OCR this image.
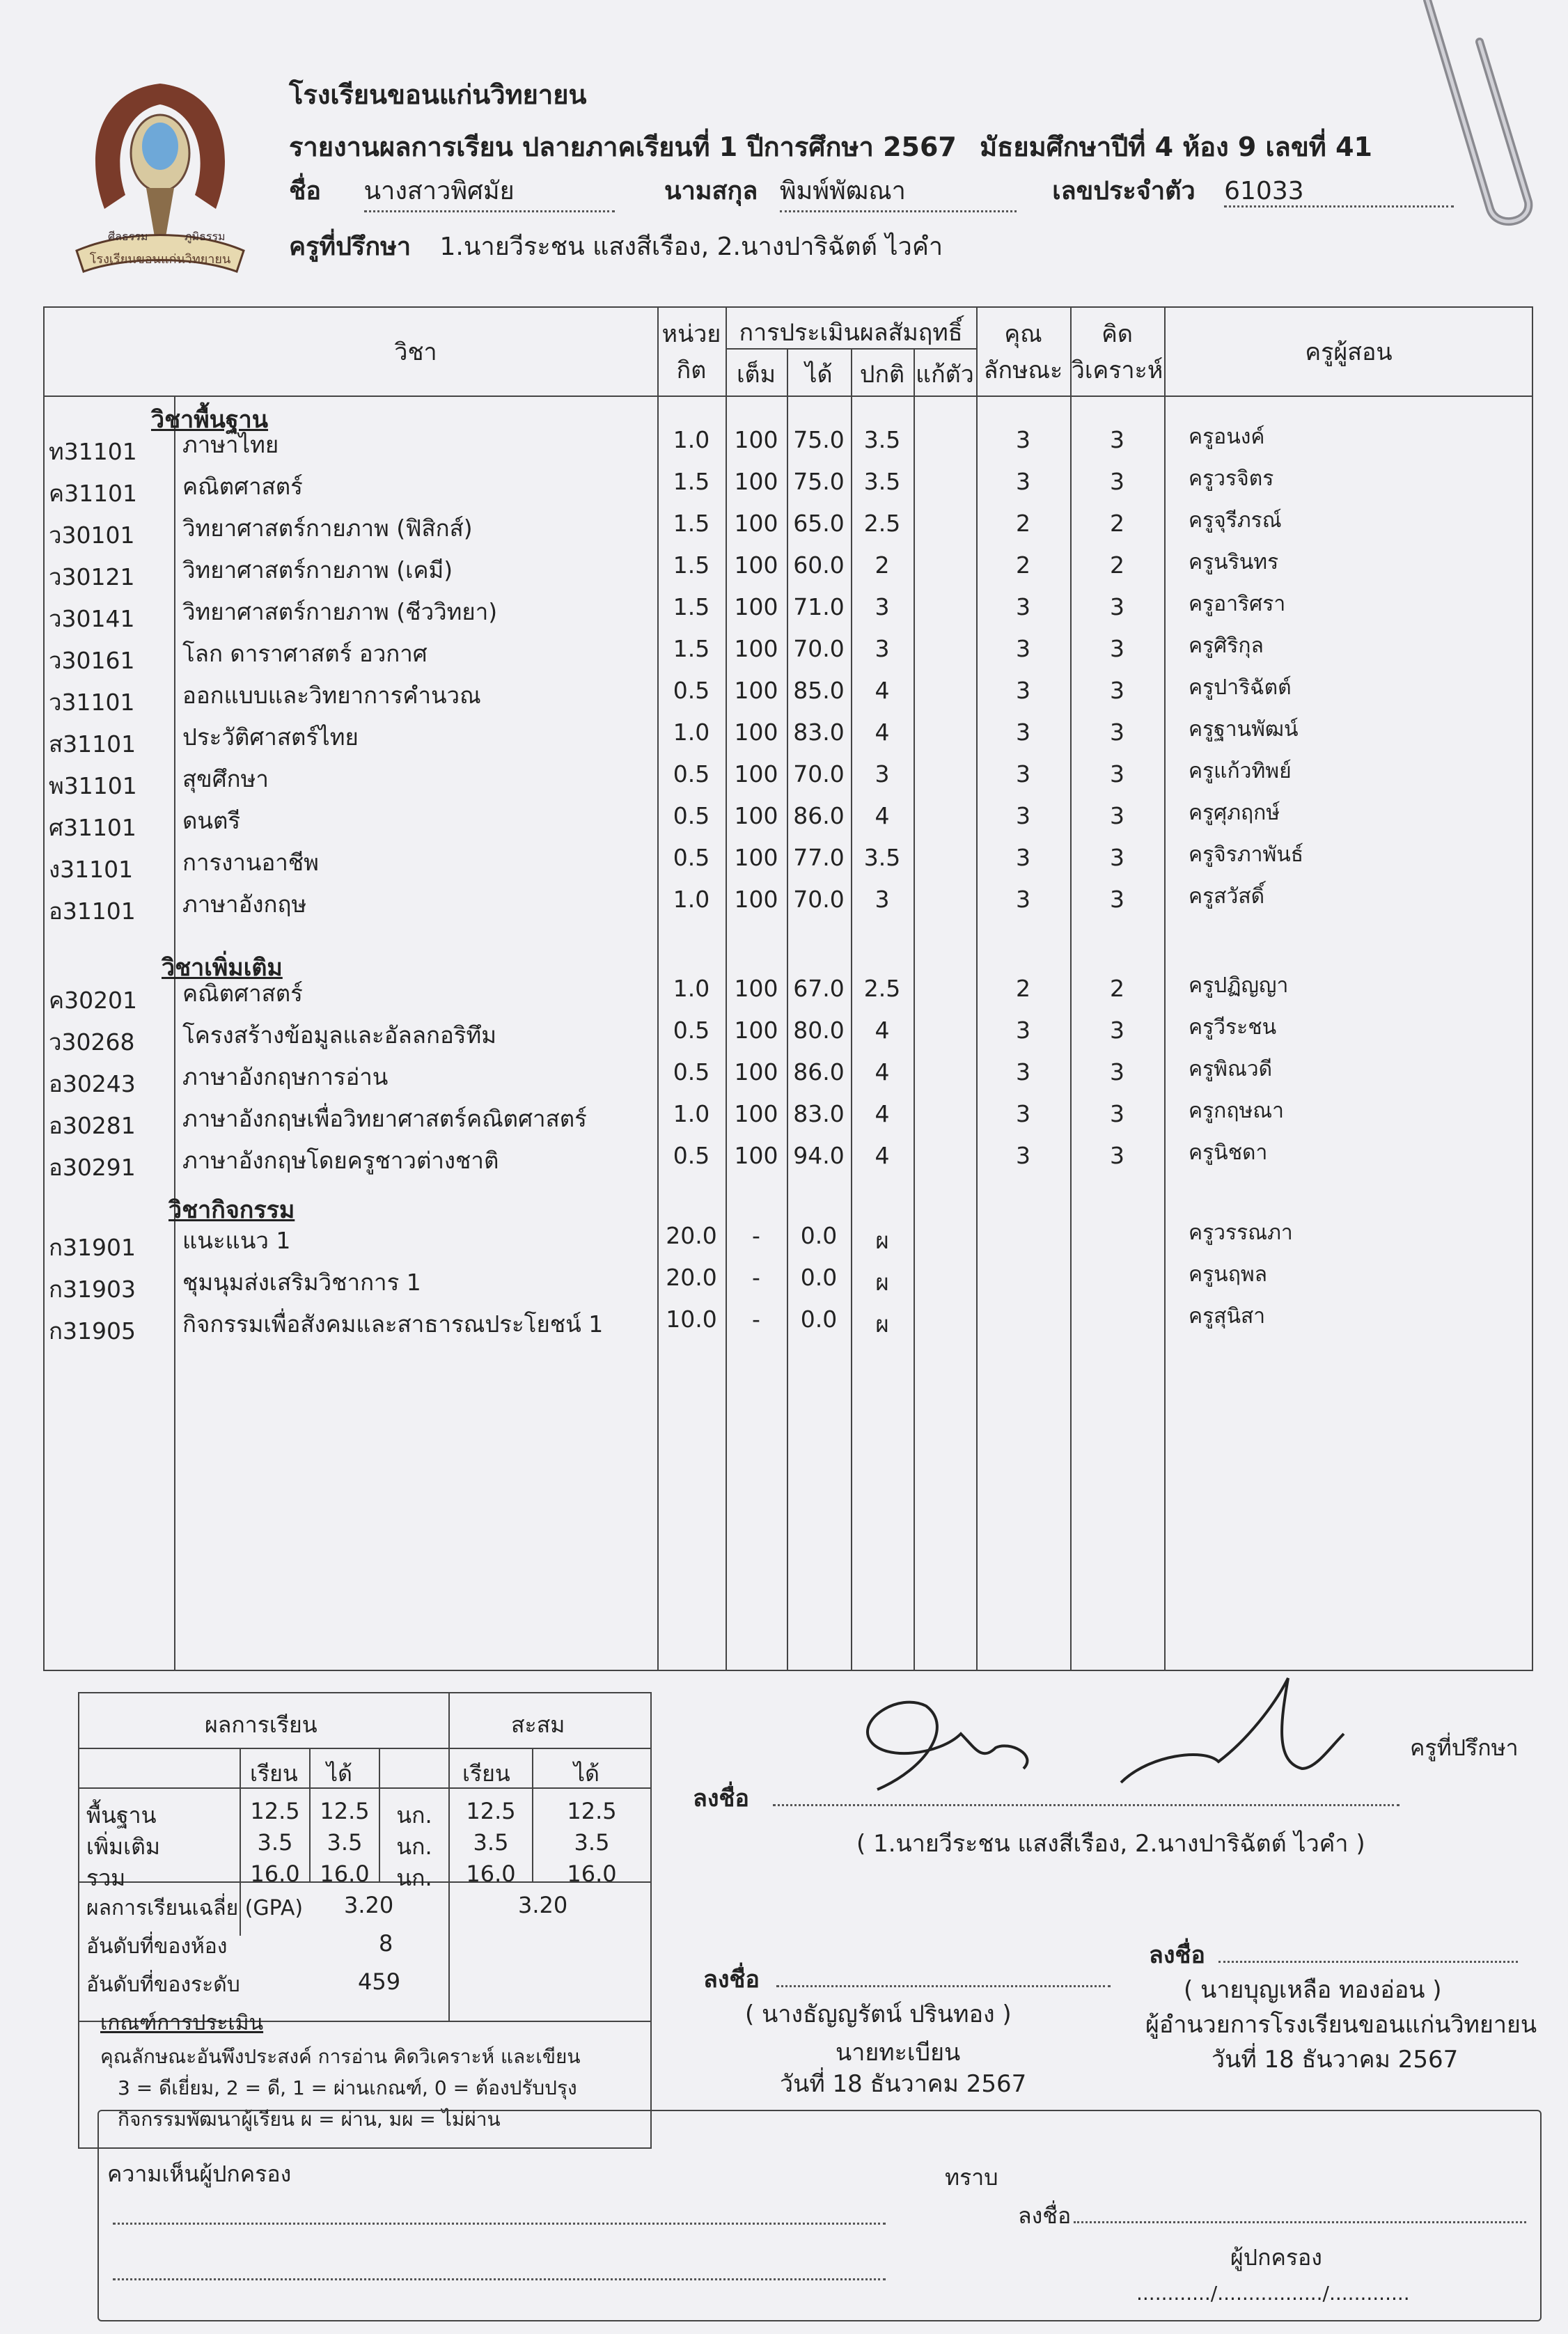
โรงเรียนขอนแก่นวิทยายน
ศีลธรรม	ภูมิธรรม
โรงเรียนขอนแก่นวิทยายน
รายงานผลการเรียน ปลายภาคเรียนที่ 1 ปีการศึกษา 2567 มัธยมศึกษาปีที่ 4 ห้อง 9 เลขที่ 41
ชื่อ นางสาวพิศมัย	นามสกุล พิมพ์พัฒณา	เลขประจำตัว 61033
ครูที่ปรึกษา 1.นายวีระชน แสงสีเรือง, 2.นางปาริฉัตต์ ไวคำ
วิชา
หน่วย
กิต
การประเมินผลสัมฤทธิ์
เต็ม	ได้	ปกติ แก้ตัว
คุณ
ลักษณะ
คิด
วิเคราะห์
ครูผู้สอน
วิชาพื้นฐาน
วิชาเพิ่มเติม
วิชากิจกรรม
ท31101 ภาษาไทย	1.0	100 75.0 3.5	3	3	ครูอนงค์
ค31101 คณิตศาสตร์	1.5	100 75.0 3.5	3	3	ครูวรจิตร
ว30101 วิทยาศาสตร์กายภาพ (ฟิสิกส์)	1.5	100 65.0 2.5	2	2	ครูจุรีภรณ์
ว30121 วิทยาศาสตร์กายภาพ (เคมี)	1.5	100 60.0	2	2	2	ครูนรินทร
ว30141 วิทยาศาสตร์กายภาพ (ชีววิทยา)	1.5	100 71.0	3	3	3	ครูอาริศรา
ว30161 โลก ดาราศาสตร์ อวกาศ	1.5	100 70.0	3	3	3	ครูศิริกุล
ว31101 ออกแบบและวิทยาการคำนวณ	0.5	100 85.0	4	3	3	ครูปาริฉัตต์
ส31101 ประวัติศาสตร์ไทย	1.0	100 83.0	4	3	3	ครูฐานพัฒน์
พ31101 สุขศึกษา	0.5	100 70.0	3	3	3	ครูแก้วทิพย์
ศ31101 ดนตรี	0.5	100 86.0	4	3	3	ครูศุภฤกษ์
ง31101 การงานอาชีพ	0.5	100 77.0 3.5	3	3	ครูจิรภาพันธ์
อ31101 ภาษาอังกฤษ	1.0	100 70.0	3	3	3	ครูสวัสดิ์
ค30201 คณิตศาสตร์	1.0	100 67.0 2.5	2	2	ครูปฏิญญา
ว30268 โครงสร้างข้อมูลและอัลลกอริทึม	0.5	100 80.0	4	3	3	ครูวีระชน
อ30243 ภาษาอังกฤษการอ่าน	0.5	100 86.0	4	3	3	ครูพิณวดี
อ30281 ภาษาอังกฤษเพื่อวิทยาศาสตร์คณิตศาสตร์	1.0	100 83.0	4	3	3	ครูกฤษณา
อ30291 ภาษาอังกฤษโดยครูชาวต่างชาติ	0.5	100 94.0	4	3	3	ครูนิชดา
ก31901 แนะแนว 1	20.0	-	0.0	ผ	ครูวรรณภา
ก31903 ชุมนุมส่งเสริมวิชาการ 1	20.0	-	0.0	ผ	ครูนฤพล
ก31905 กิจกรรมเพื่อสังคมและสาธารณประโยชน์ 1	10.0	-	0.0	ผ	ครูสุนิสา
ผลการเรียน	สะสม
เรียน ได้	เรียน	ได้
พื้นฐาน	12.5 12.5	นก.	12.5	12.5
เพิ่มเติม	3.5	3.5	นก.	3.5	3.5
รวม	16.0 16.0	นก.	16.0	16.0
ผลการเรียนเฉลี่ย (GPA) 3.20	3.20
อันดับที่ของห้อง	8
อันดับที่ของระดับ	459
เกณฑ์การประเมิน
คุณลักษณะอันพึงประสงค์ การอ่าน คิดวิเคราะห์ และเขียน
3 = ดีเยี่ยม, 2 = ดี, 1 = ผ่านเกณฑ์, 0 = ต้องปรับปรุง
กิจกรรมพัฒนาผู้เรียน ผ = ผ่าน, มผ = ไม่ผ่าน
ลงชื่อ
ครูที่ปรึกษา
( 1.นายวีระชน แสงสีเรือง, 2.นางปาริฉัตต์ ไวคำ )
ลงชื่อ
( นางธัญญรัตน์ ปรินทอง )
นายทะเบียน
วันที่ 18 ธันวาคม 2567
ลงชื่อ
( นายบุญเหลือ ทองอ่อน )
ผู้อำนวยการโรงเรียนขอนแก่นวิทยายน
วันที่ 18 ธันวาคม 2567
ความเห็นผู้ปกครอง	ทราบ
ลงชื่อ
ผู้ปกครอง
............/................./.............
